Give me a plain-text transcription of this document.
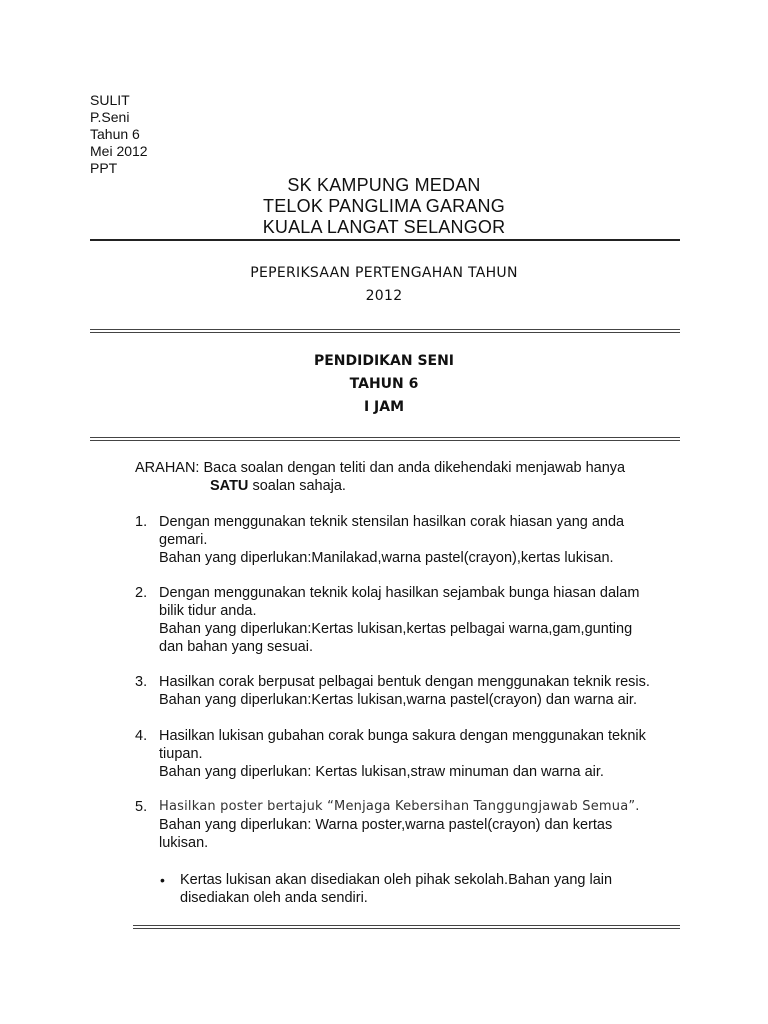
SULIT
P.Seni
Tahun 6
Mei 2012
PPT
SK KAMPUNG MEDAN
TELOK PANGLIMA GARANG
KUALA LANGAT SELANGOR
PEPERIKSAAN PERTENGAHAN TAHUN
2012
PENDIDIKAN SENI
TAHUN 6
I JAM
ARAHAN: Baca soalan dengan teliti dan anda dikehendaki menjawab hanya
SATU soalan sahaja.
1. Dengan menggunakan teknik stensilan hasilkan corak hiasan yang anda
gemari.
Bahan yang diperlukan:Manilakad,warna pastel(crayon),kertas lukisan.
2. Dengan menggunakan teknik kolaj hasilkan sejambak bunga hiasan dalam
bilik tidur anda.
Bahan yang diperlukan:Kertas lukisan,kertas pelbagai warna,gam,gunting
dan bahan yang sesuai.
3. Hasilkan corak berpusat pelbagai bentuk dengan menggunakan teknik resis.
Bahan yang diperlukan:Kertas lukisan,warna pastel(crayon) dan warna air.
4. Hasilkan lukisan gubahan corak bunga sakura dengan menggunakan teknik
tiupan.
Bahan yang diperlukan: Kertas lukisan,straw minuman dan warna air.
5. Hasilkan poster bertajuk “Menjaga Kebersihan Tanggungjawab Semua”.
Bahan yang diperlukan: Warna poster,warna pastel(crayon) dan kertas
lukisan.
• Kertas lukisan akan disediakan oleh pihak sekolah.Bahan yang lain
disediakan oleh anda sendiri.
